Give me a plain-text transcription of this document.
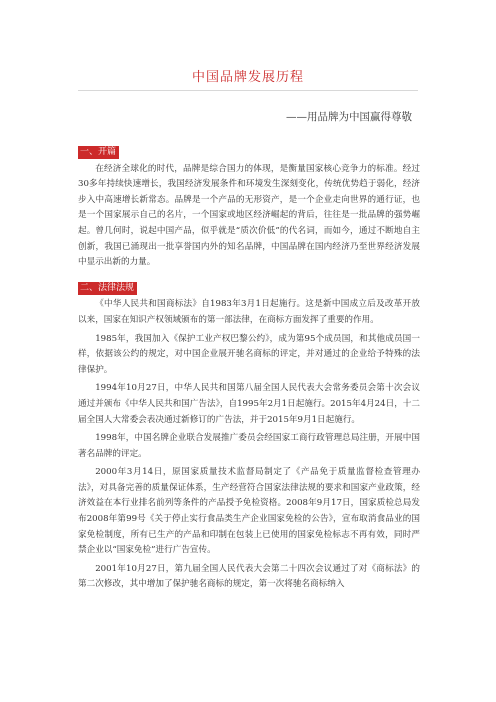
中国品牌发展历程
——用品牌为中国赢得尊敬
一、开篇

在经济全球化的时代，品牌是综合国力的体现，是衡量国家核心竞争力的标准。经过30多年持续快速增长，我国经济发展条件和环境发生深刻变化，传统优势趋于弱化，经济步入中高速增长新常态。品牌是一个产品的无形资产，是一个企业走向世界的通行证，也是一个国家展示自己的名片，一个国家或地区经济崛起的背后，往往是一批品牌的强势崛起。曾几何时，说起中国产品，似乎就是“质次价低”的代名词，而如今，通过不断地自主创新，我国已涌现出一批享誉国内外的知名品牌，中国品牌在国内经济乃至世界经济发展中显示出新的力量。

二、法律法规

《中华人民共和国商标法》自1983年3月1日起施行。这是新中国成立后及改革开放以来，国家在知识产权领域颁布的第一部法律，在商标方面发挥了重要的作用。

1985年，我国加入《保护工业产权巴黎公约》，成为第95个成员国，和其他成员国一样，依据该公约的规定，对中国企业展开驰名商标的评定，并对通过的企业给予特殊的法律保护。

1994年10月27日，中华人民共和国第八届全国人民代表大会常务委员会第十次会议通过并颁布《中华人民共和国广告法》，自1995年2月1日起施行。2015年4月24日，十二届全国人大常委会表决通过新修订的广告法，并于2015年9月1日起施行。

1998年，中国名牌企业联合发展推广委员会经国家工商行政管理总局注册，开展中国著名品牌的评定。

2000年3月14日，原国家质量技术监督局制定了《产品免于质量监督检查管理办法》，对具备完善的质量保证体系，生产经营符合国家法律法规的要求和国家产业政策，经济效益在本行业排名前列等条件的产品授予免检资格。2008年9月17日，国家质检总局发布2008年第99号《关于停止实行食品类生产企业国家免检的公告》，宣布取消食品业的国家免检制度，所有已生产的产品和印制在包装上已使用的国家免检标志不再有效，同时严禁企业以“国家免检”进行广告宣传。

2001年10月27日，第九届全国人民代表大会第二十四次会议通过了对《商标法》的第二次修改，其中增加了保护驰名商标的规定，第一次将驰名商标纳入
